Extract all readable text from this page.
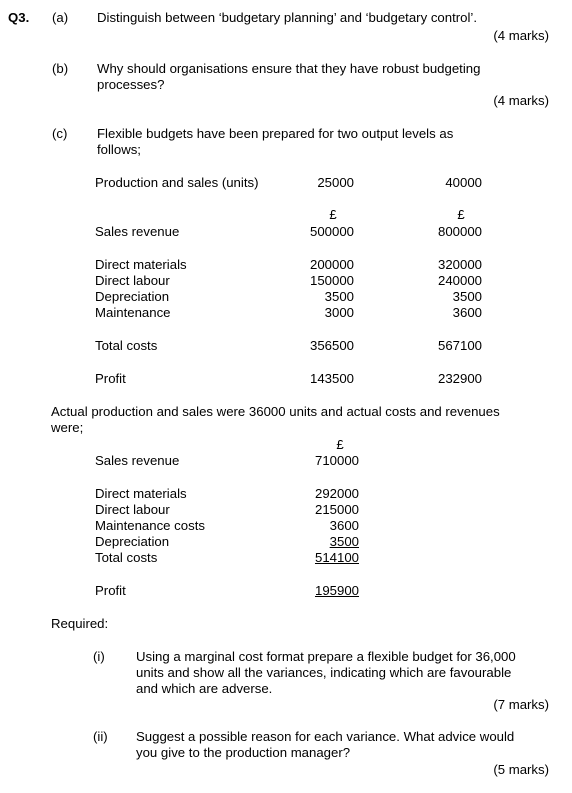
Q3. (a) Distinguish between ‘budgetary planning’ and ‘budgetary control’.
(4 marks)
(b) Why should organisations ensure that they have robust budgeting
processes?
(4 marks)
(c) Flexible budgets have been prepared for two output levels as
follows;
Production and sales (units)	25000	40000
£	£
Sales revenue	500000	800000
Direct materials	200000	320000
Direct labour	150000	240000
Depreciation	3500	3500
Maintenance	3000	3600
Total costs	356500	567100
Profit	143500	232900
Actual production and sales were 36000 units and actual costs and revenues
were;
£
Sales revenue	710000
Direct materials	292000
Direct labour	215000
Maintenance costs	3600
Depreciation	3500
Total costs	514100
Profit	195900
Required:
(i) Using a marginal cost format prepare a flexible budget for 36,000
units and show all the variances, indicating which are favourable
and which are adverse.
(7 marks)
(ii) Suggest a possible reason for each variance. What advice would
you give to the production manager?
(5 marks)
